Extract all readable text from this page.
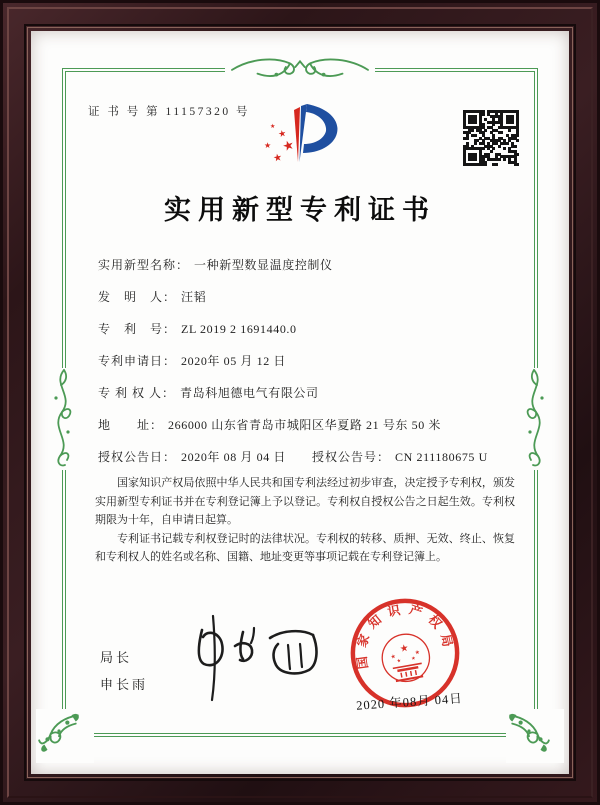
证 书 号 第 11157320 号
★
★
★
★
★
实用新型专利证书
实用新型名称： 一种新型数显温度控制仪
发　明　人： 汪韬
专　利　号： ZL 2019 2 1691440.0
专利申请日： 2020年 05 月 12 日
专 利 权 人： 青岛科旭德电气有限公司
地　　址： 266000 山东省青岛市城阳区华夏路 21 号东 50 米
授权公告日： 2020年 08 月 04 日 授权公告号： CN 211180675 U

国家知识产权局依照中华人民共和国专利法经过初步审查，决定授予专利权，颁发实用新型专利证书并在专利登记簿上予以登记。专利权自授权公告之日起生效。专利权期限为十年，自申请日起算。

专利证书记载专利权登记时的法律状况。专利权的转移、质押、无效、终止、恢复和专利权人的姓名或名称、国籍、地址变更等事项记载在专利登记簿上。

局长
申长雨
国家知识产权局
★
★
★
★ ★
2020 年08月 04日
